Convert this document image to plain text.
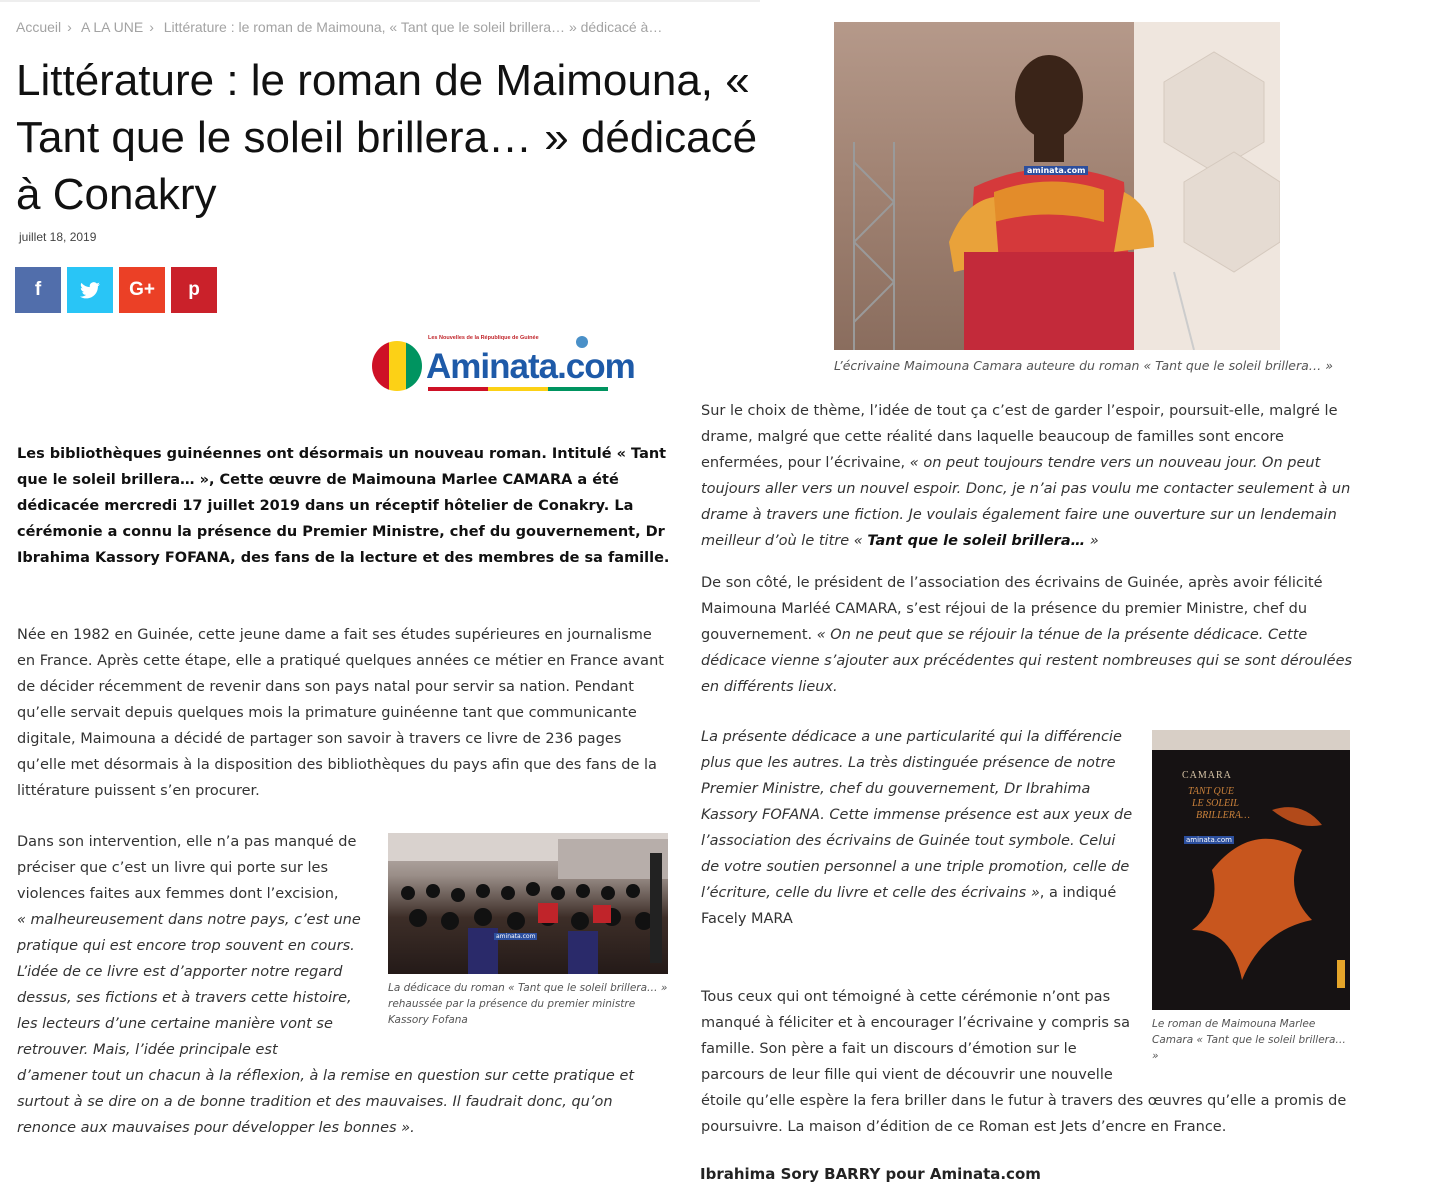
Accueil › A LA UNE › Littérature : le roman de Maimouna, « Tant que le soleil brillera… » dédicacé à…
Littérature : le roman de Maimouna, « Tant que le soleil brillera… » dédicacé à Conakry
juillet 18, 2019
f	G+ p
Les Nouvelles de la République de Guinée
Aminata.com

Les bibliothèques guinéennes ont désormais un nouveau roman. Intitulé « Tant que le soleil brillera… », Cette œuvre de Maimouna Marlee CAMARA a été dédicacée mercredi 17 juillet 2019 dans un réceptif hôtelier de Conakry. La cérémonie a connu la présence du Premier Ministre, chef du gouvernement, Dr Ibrahima Kassory FOFANA, des fans de la lecture et des membres de sa famille.

Née en 1982 en Guinée, cette jeune dame a fait ses études supérieures en journalisme en France. Après cette étape, elle a pratiqué quelques années ce métier en France avant de décider récemment de revenir dans son pays natal pour servir sa nation. Pendant qu’elle servait depuis quelques mois la primature guinéenne tant que communicante digitale, Maimouna a décidé de partager son savoir à travers ce livre de 236 pages qu’elle met désormais à la disposition des bibliothèques du pays afin que des fans de la littérature puissent s’en procurer.

aminata.com
La dédicace du roman « Tant que le soleil brillera… » rehaussée par la présence du premier ministre Kassory Fofana

Dans son intervention, elle n’a pas manqué de préciser que c’est un livre qui porte sur les violences faites aux femmes dont l’excision,

« malheureusement dans notre pays, c’est une pratique qui est encore trop souvent en cours. L’idée de ce livre est d’apporter notre regard dessus, ses fictions et à travers cette histoire, les lecteurs d’une certaine manière vont se retrouver. Mais, l’idée principale est

d’amener tout un chacun à la réflexion, à la remise en question sur cette pratique et surtout à se dire on a de bonne tradition et des mauvaises. Il faudrait donc, qu’on renonce aux mauvaises pour développer les bonnes ».

aminata.com
L’écrivaine Maimouna Camara auteure du roman « Tant que le soleil brillera… »

Sur le choix de thème, l’idée de tout ça c’est de garder l’espoir, poursuit-elle, malgré le drame, malgré que cette réalité dans laquelle beaucoup de familles sont encore enfermées, pour l’écrivaine, « on peut toujours tendre vers un nouveau jour. On peut toujours aller vers un nouvel espoir. Donc, je n’ai pas voulu me contacter seulement à un drame à travers une fiction. Je voulais également faire une ouverture sur un lendemain meilleur d’où le titre « Tant que le soleil brillera… »

De son côté, le président de l’association des écrivains de Guinée, après avoir félicité Maimouna Marléé CAMARA, s’est réjoui de la présence du premier Ministre, chef du gouvernement. « On ne peut que se réjouir la ténue de la présente dédicace. Cette dédicace vienne s’ajouter aux précédentes qui restent nombreuses qui se sont déroulées en différents lieux.

La présente dédicace a une particularité qui la différencie plus que les autres. La très distinguée présence de notre Premier Ministre, chef du gouvernement, Dr Ibrahima Kassory FOFANA. Cette immense présence est aux yeux de l’association des écrivains de Guinée tout symbole. Celui de votre soutien personnel a une triple promotion, celle de l’écriture, celle du livre et celle des écrivains », a indiqué Facely MARA

CAMARA
TANT QUE
LE SOLEIL
BRILLERA…
aminata.com
Le roman de Maimouna Marlee Camara « Tant que le soleil brillera… »

Tous ceux qui ont témoigné à cette cérémonie n’ont pas manqué à féliciter et à encourager l’écrivaine y compris sa famille. Son père a fait un discours d’émotion sur le parcours de leur fille qui vient de découvrir une nouvelle

étoile qu’elle espère la fera briller dans le futur à travers des œuvres qu’elle a promis de poursuivre. La maison d’édition de ce Roman est Jets d’encre en France.

Ibrahima Sory BARRY pour Aminata.com
